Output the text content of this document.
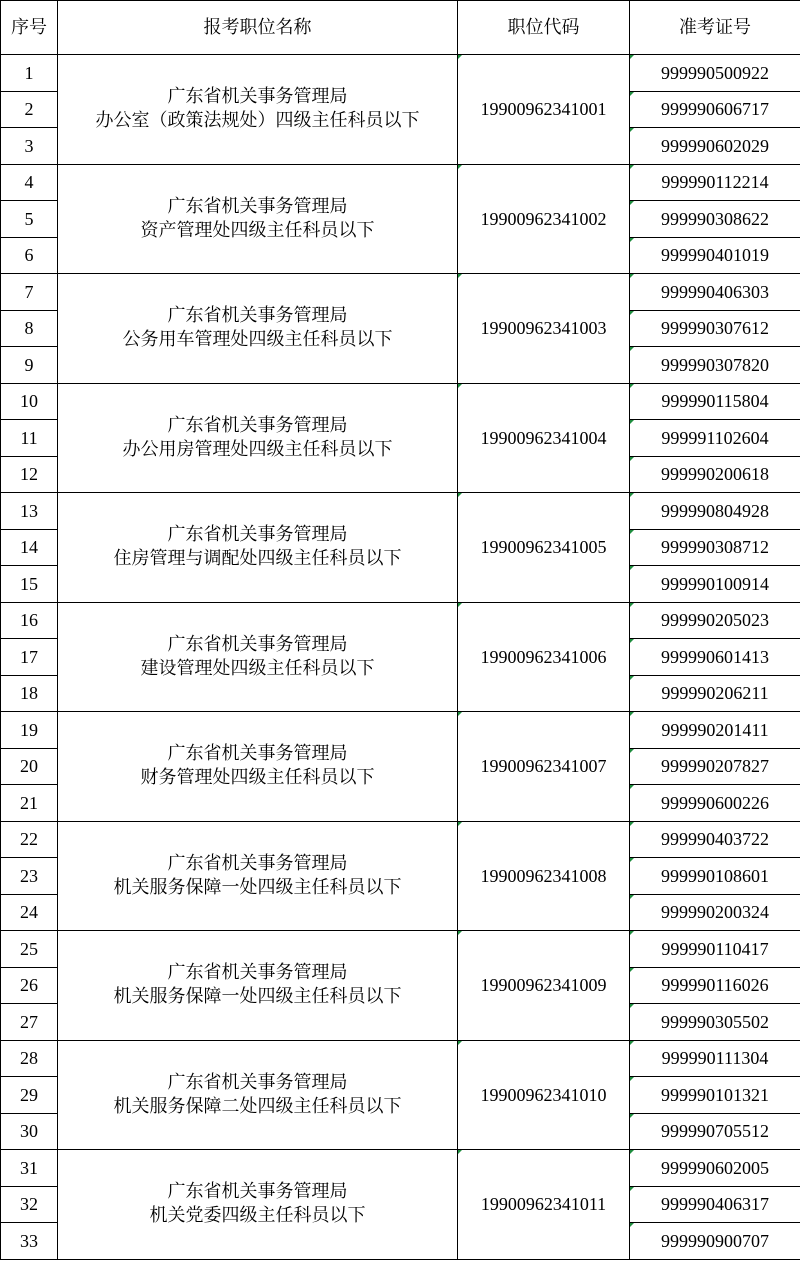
序号	报考职位名称	职位代码	准考证号
1	广东省机关事务管理局
办公室（政策法规处）四级主任科员以下	19900962341001	999990500922
2			999990606717
3			999990602029
4	广东省机关事务管理局
资产管理处四级主任科员以下	19900962341002	999990112214
5			999990308622
6			999990401019
7	广东省机关事务管理局
公务用车管理处四级主任科员以下	19900962341003	999990406303
8			999990307612
9			999990307820
10	广东省机关事务管理局
办公用房管理处四级主任科员以下	19900962341004	999990115804
11			999991102604
12			999990200618
13	广东省机关事务管理局
住房管理与调配处四级主任科员以下	19900962341005	999990804928
14			999990308712
15			999990100914
16	广东省机关事务管理局
建设管理处四级主任科员以下	19900962341006	999990205023
17			999990601413
18			999990206211
19	广东省机关事务管理局
财务管理处四级主任科员以下	19900962341007	999990201411
20			999990207827
21			999990600226
22	广东省机关事务管理局
机关服务保障一处四级主任科员以下	19900962341008	999990403722
23			999990108601
24			999990200324
25	广东省机关事务管理局
机关服务保障一处四级主任科员以下	19900962341009	999990110417
26			999990116026
27			999990305502
28	广东省机关事务管理局
机关服务保障二处四级主任科员以下	19900962341010	999990111304
29			999990101321
30			999990705512
31	广东省机关事务管理局
机关党委四级主任科员以下	19900962341011	999990602005
32			999990406317
33			999990900707
